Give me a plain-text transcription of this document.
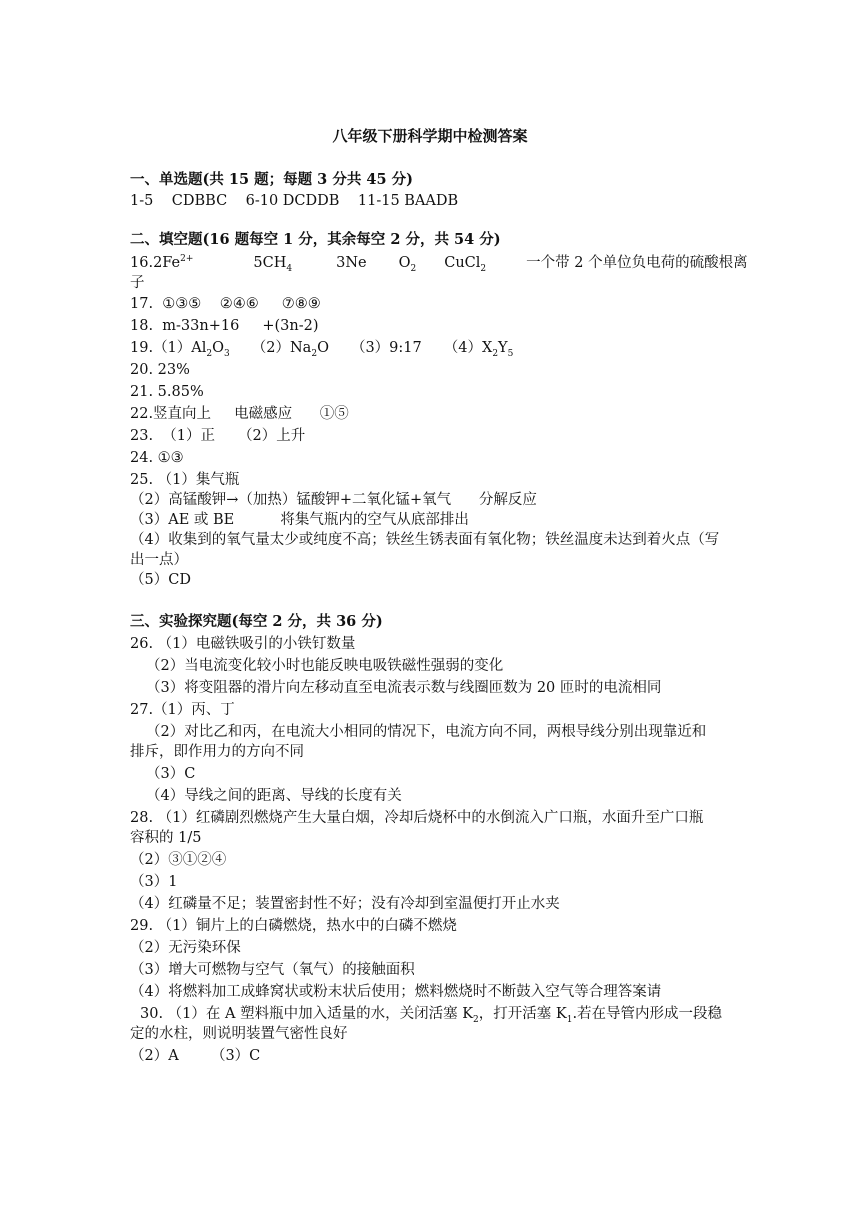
八年级下册科学期中检测答案
一、单选题(共 15 题；每题 3 分共 45 分)
1-5    CDBBC    6-10 DCDDB    11-15 BAADB
二、填空题(16 题每空 1 分，其余每空 2 分，共 54 分)
$16.2Fe^{2+}$	$5CH_4$	3Ne $O_2$ CuCl$_2$	一个带 2 个单位负电荷的硫酸根离
子
17.  ①③⑤    ②④⑥     ⑦⑧⑨
18.  m-33n+16     +(3n-2)
$19.(1)Al_2O_3$ $(2)Na_2O$ （3）9:17 $(4)X_2Y_5$
20. 23%
21. 5.85%
22.竖直向上     电磁感应      ①⑤
23.  （1）正     （2）上升
24. ①③
25. （1）集气瓶
（2）高锰酸钾→（加热）锰酸钾+二氧化锰+氧气      分解反应
（3）AE 或 BE          将集气瓶内的空气从底部排出
（4）收集到的氧气量太少或纯度不高；铁丝生锈表面有氧化物；铁丝温度未达到着火点（写
出一点）
（5）CD
三、实验探究题(每空 2 分，共 36 分)
26. （1）电磁铁吸引的小铁钉数量
（2）当电流变化较小时也能反映电吸铁磁性强弱的变化
（3）将变阻器的滑片向左移动直至电流表示数与线圈匝数为 20 匝时的电流相同
27.（1）丙、丁
（2）对比乙和丙，在电流大小相同的情况下，电流方向不同，两根导线分别出现靠近和
排斥，即作用力的方向不同
（3）C
（4）导线之间的距离、导线的长度有关
28. （1）红磷剧烈燃烧产生大量白烟，冷却后烧杯中的水倒流入广口瓶，水面升至广口瓶
容积的 1/5
（2）③①②④
（3）1
（4）红磷量不足；装置密封性不好；没有冷却到室温便打开止水夹
29. （1）铜片上的白磷燃烧，热水中的白磷不燃烧
（2）无污染环保
（3）增大可燃物与空气（氧气）的接触面积
（4）将燃料加工成蜂窝状或粉末状后使用；燃料燃烧时不断鼓入空气等合理答案请
30. （1）在 A 塑料瓶中加入适量的水，关闭活塞 $K_2$，打开活塞 $K_1$.若在导管内形成一段稳
定的水柱，则说明装置气密性良好
（2）A       （3）C
